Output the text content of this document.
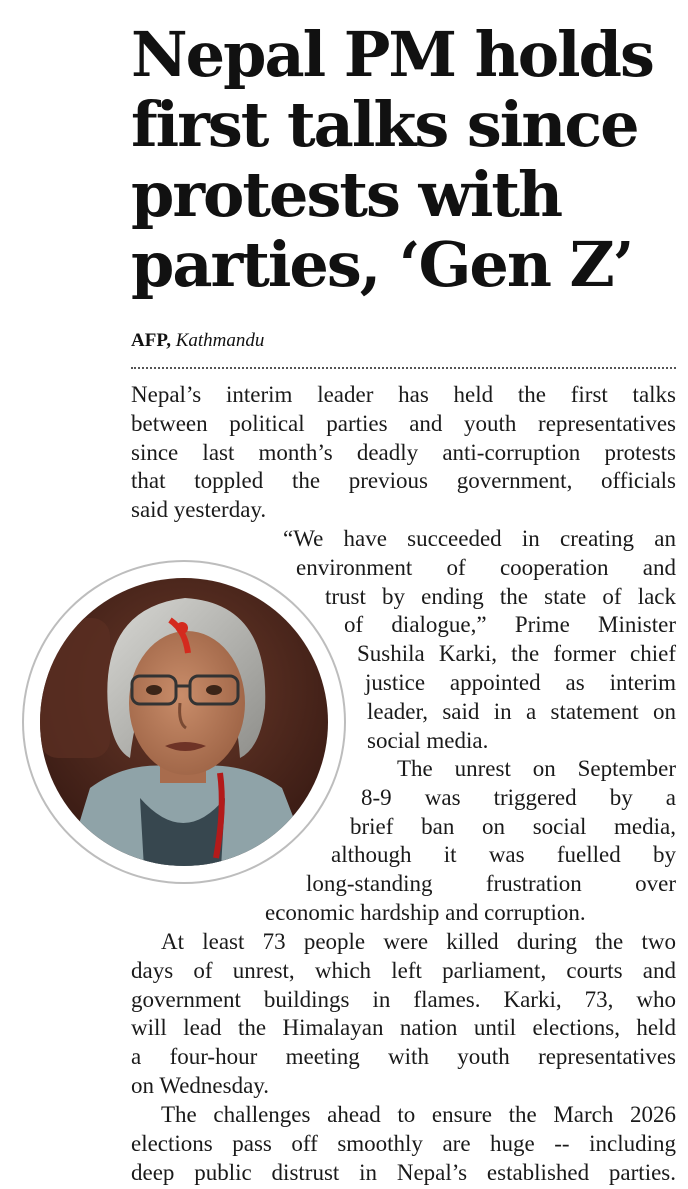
Nepal PM holds
first talks since
protests with
parties, ‘Gen Z’
AFP, Kathmandu
Nepal’s interim leader has held the first talks
between political parties and youth representatives
since last month’s deadly anti-corruption protests
that toppled the previous government, officials
said yesterday.
“We have succeeded in creating an
environment of cooperation and
trust by ending the state of lack
of dialogue,” Prime Minister
Sushila Karki, the former chief
justice appointed as interim
leader, said in a statement on
social media.
The unrest on September
8-9 was triggered by a
brief ban on social media,
although it was fuelled by
long-standing frustration over
economic hardship and corruption.
At least 73 people were killed during the two
days of unrest, which left parliament, courts and
government buildings in flames. Karki, 73, who
will lead the Himalayan nation until elections, held
a four-hour meeting with youth representatives
on Wednesday.
The challenges ahead to ensure the March 2026
elections pass off smoothly are huge -- including
deep public distrust in Nepal’s established parties.
